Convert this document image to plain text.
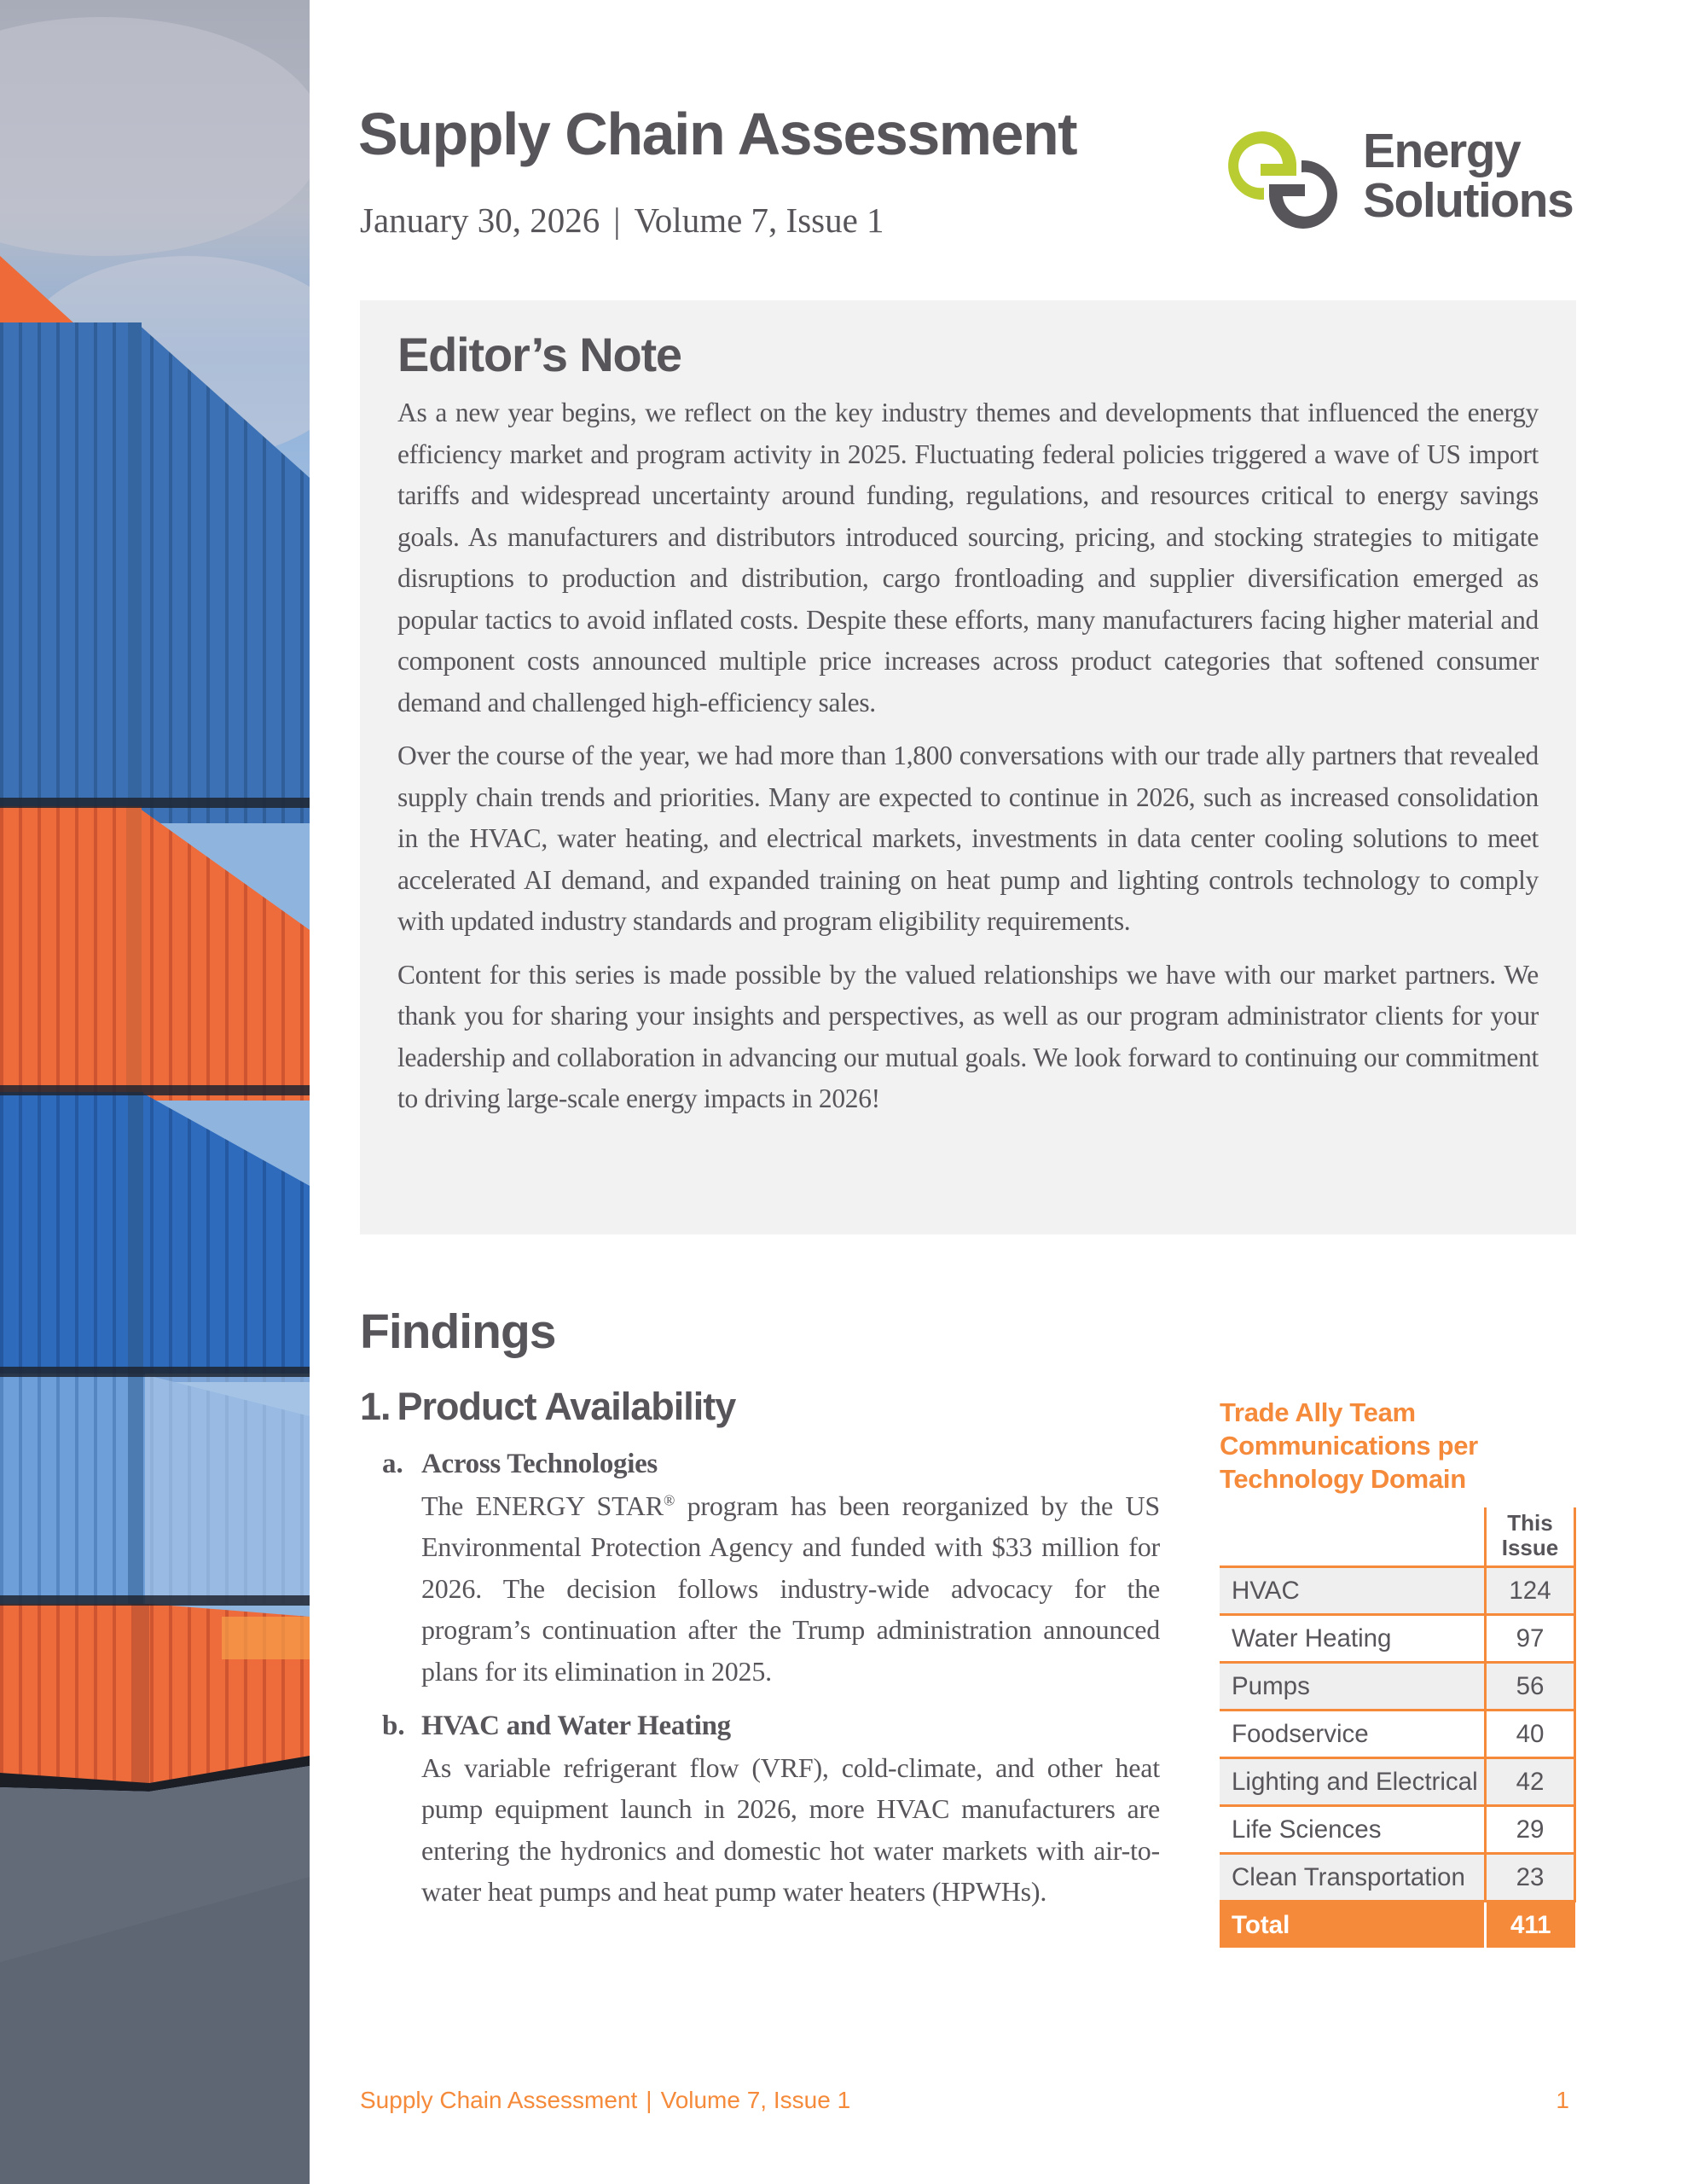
Supply Chain Assessment

January 30, 2026 | Volume 7, Issue 1

Energy
Solutions
Editor’s Note

As a new year begins, we reflect on the key industry themes and developments that influenced the energy efficiency market and program activity in 2025. Fluctuating federal policies triggered a wave of US import tariffs and widespread uncertainty around funding, regulations, and resources critical to energy savings goals. As manufacturers and distributors introduced sourcing, pricing, and stocking strategies to mitigate disruptions to production and distribution, cargo frontloading and supplier diversification emerged as popular tactics to avoid inflated costs. Despite these efforts, many manufacturers facing higher material and component costs announced multiple price increases across product categories that softened consumer demand and challenged high-efficiency sales.

Over the course of the year, we had more than 1,800 conversations with our trade ally partners that revealed supply chain trends and priorities. Many are expected to continue in 2026, such as increased consolidation in the HVAC, water heating, and electrical markets, investments in data center cooling solutions to meet accelerated AI demand, and expanded training on heat pump and lighting controls technology to comply with updated industry standards and program eligibility requirements.

Content for this series is made possible by the valued relationships we have with our market partners. We thank you for sharing your insights and perspectives, as well as our program administrator clients for your leadership and collaboration in advancing our mutual goals. We look forward to continuing our commitment to driving large-scale energy impacts in 2026!

Findings
1. Product Availability
a. Across Technologies

The ENERGY STAR® program has been reorganized by the US Environmental Protection Agency and funded with $33 million for 2026. The decision follows industry-wide advocacy for the program’s continuation after the Trump administration announced plans for its elimination in 2025.

b. HVAC and Water Heating

As variable refrigerant flow (VRF), cold-climate, and other heat pump equipment launch in 2026, more HVAC manufacturers are entering the hydronics and domestic hot water markets with air-to-water heat pumps and heat pump water heaters (HPWHs).

Trade Ally Team Communications per Technology Domain
	This Issue
HVAC	124
Water Heating	97
Pumps	56
Foodservice	40
Lighting and Electrical	42
Life Sciences	29
Clean Transportation	23
Total	411
Supply Chain Assessment | Volume 7, Issue 1	1
